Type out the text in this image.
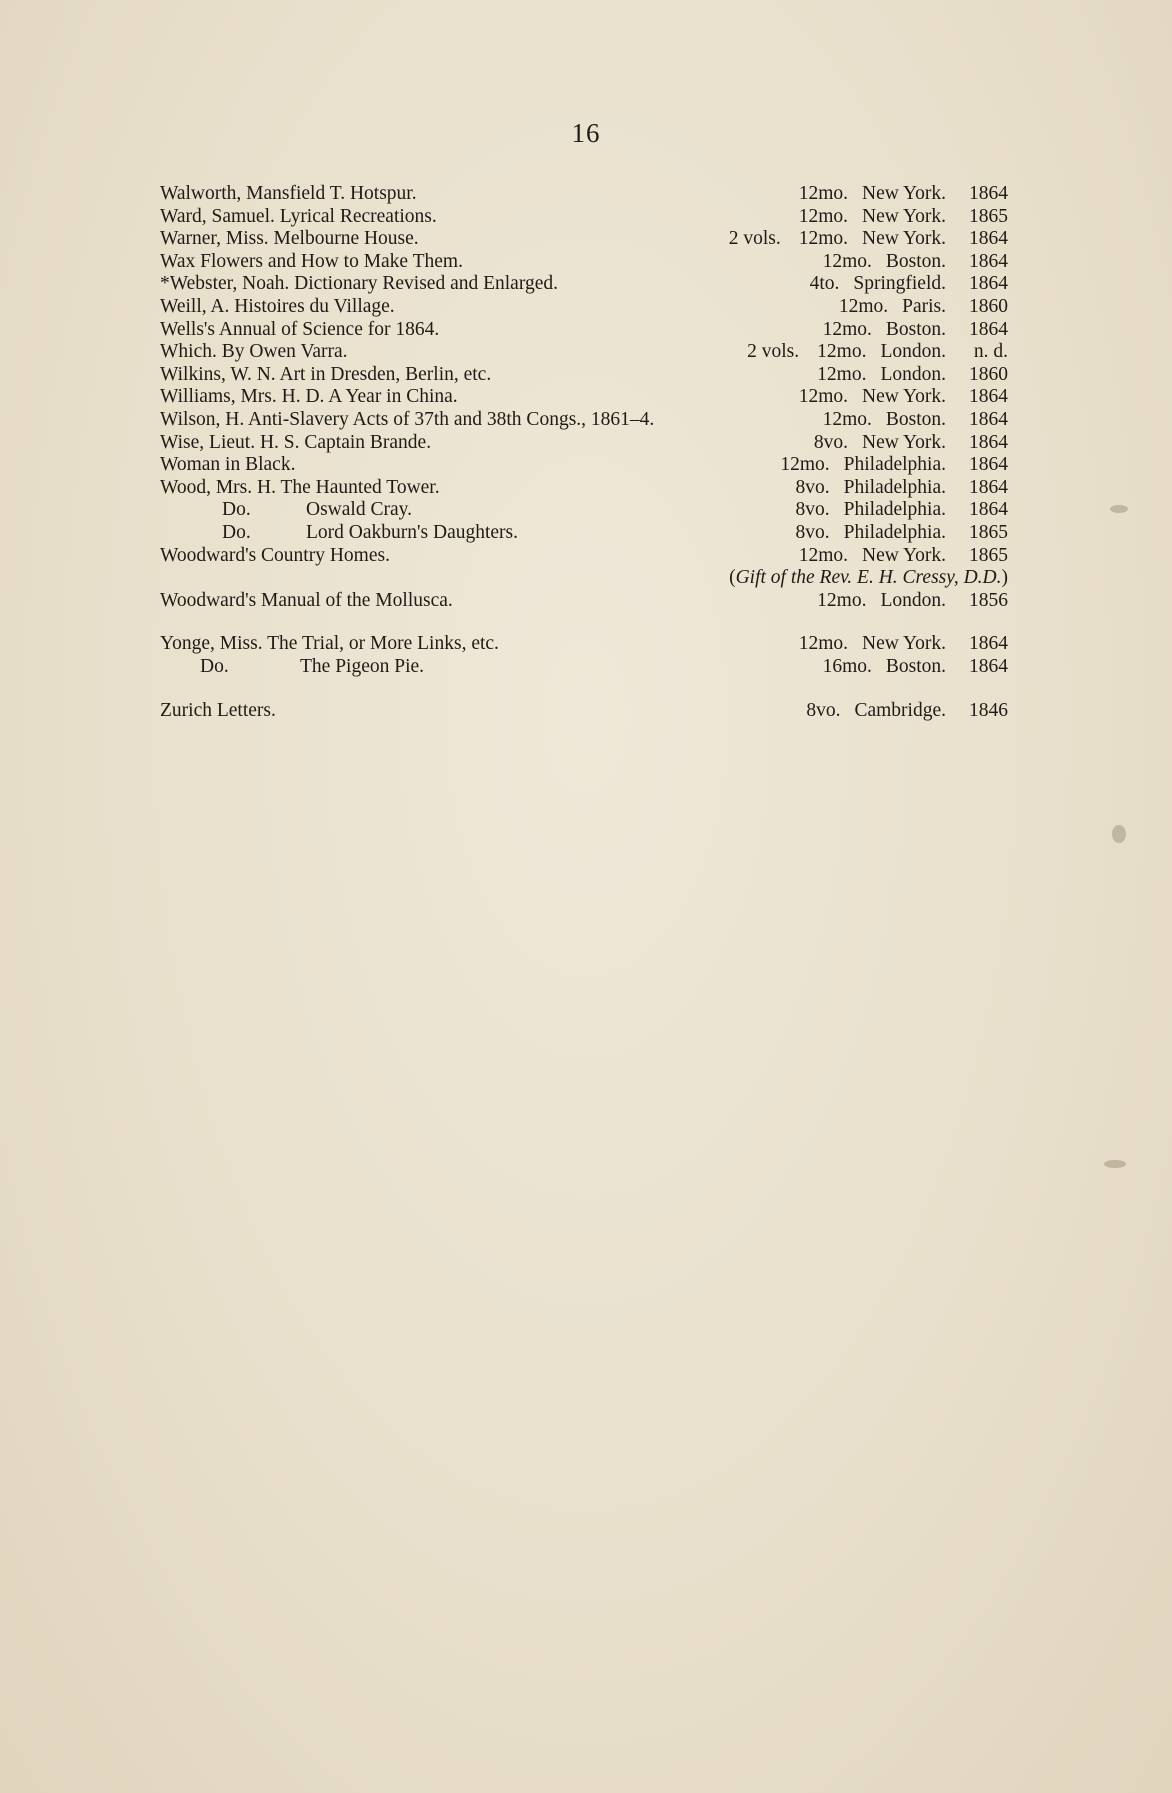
16
Walworth, Mansfield T. Hotspur.	12mo. New York.	1864
Ward, Samuel. Lyrical Recreations.	12mo. New York.	1865
Warner, Miss. Melbourne House.	2 vols. 12mo. New York.	1864
Wax Flowers and How to Make Them.	12mo. Boston.	1864
*Webster, Noah. Dictionary Revised and Enlarged.	4to. Springfield.	1864
Weill, A. Histoires du Village.	12mo. Paris.	1860
Wells's Annual of Science for 1864.	12mo. Boston.	1864
Which. By Owen Varra.	2 vols. 12mo. London.	n. d.
Wilkins, W. N. Art in Dresden, Berlin, etc.	12mo. London.	1860
Williams, Mrs. H. D. A Year in China.	12mo. New York.	1864
Wilson, H. Anti-Slavery Acts of 37th and 38th Congs., 1861–4.	12mo. Boston.	1864
Wise, Lieut. H. S. Captain Brande.	8vo. New York.	1864
Woman in Black.	12mo. Philadelphia.	1864
Wood, Mrs. H. The Haunted Tower.	8vo. Philadelphia.	1864
Do.	Oswald Cray.	8vo. Philadelphia.	1864
Do.	Lord Oakburn's Daughters.	8vo. Philadelphia.	1865
Woodward's Country Homes.	12mo. New York.	1865
(Gift of the Rev. E. H. Cressy, D.D.)
Woodward's Manual of the Mollusca.	12mo. London.	1856
Yonge, Miss. The Trial, or More Links, etc.	12mo. New York.	1864
Do.	The Pigeon Pie.	16mo. Boston.	1864
Zurich Letters.	8vo. Cambridge.	1846
